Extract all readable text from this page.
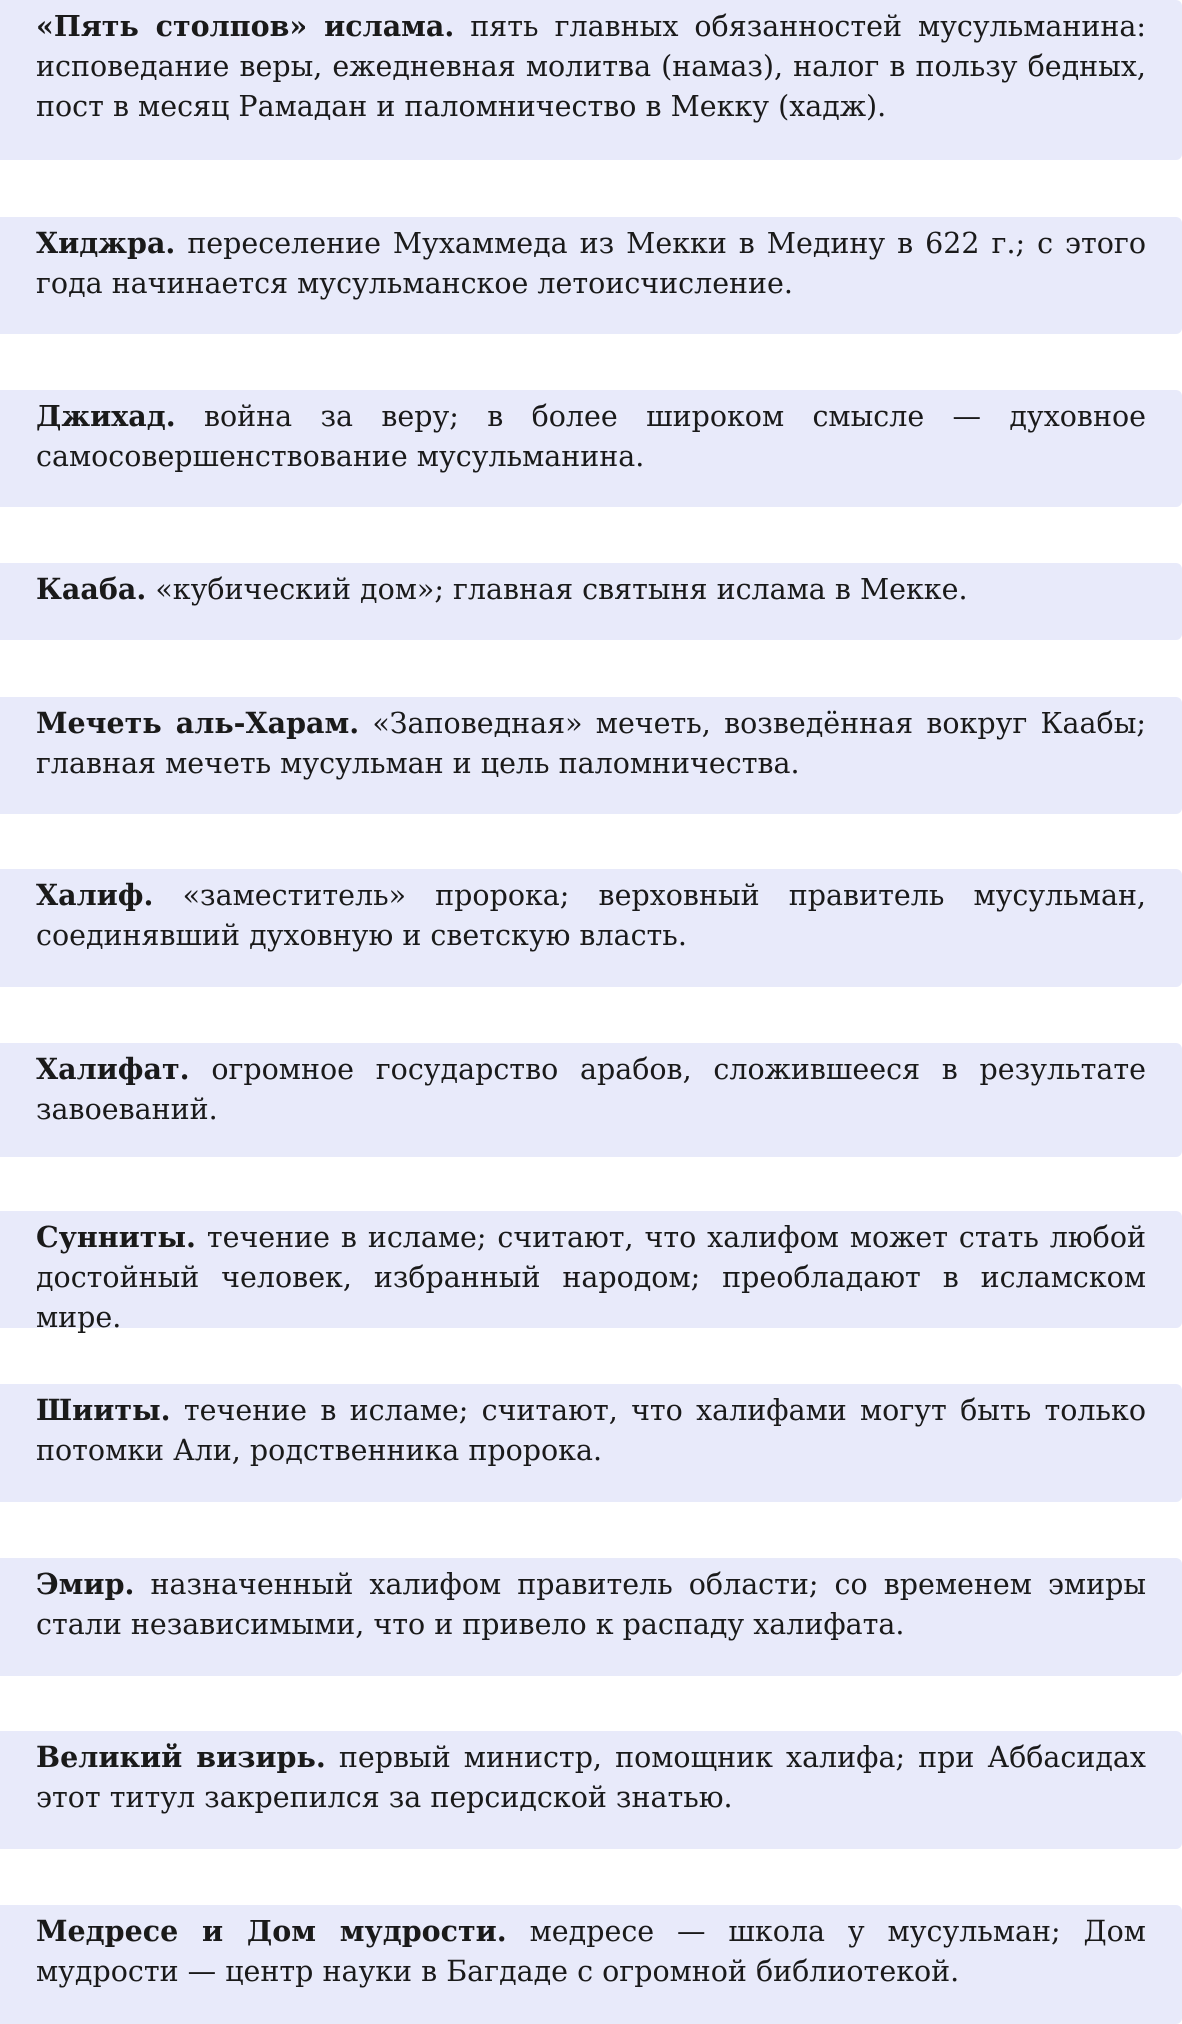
«Пять столпов» ислама. пять главных обязанностей мусульманина: исповедание веры, ежедневная молитва (намаз), налог в пользу бедных, пост в месяц Рамадан и паломничество в Мекку (хадж).

Хиджра. переселение Мухаммеда из Мекки в Медину в 622 г.; с этого года начинается мусульманское летоисчисление.

Джихад. война за веру; в более широком смысле — духовное самосовершенствование мусульманина.

Кааба. «кубический дом»; главная святыня ислама в Мекке.

Мечеть аль-Харам. «Заповедная» мечеть, возведённая вокруг Каабы; главная мечеть мусульман и цель паломничества.

Халиф. «заместитель» пророка; верховный правитель мусульман, соединявший духовную и светскую власть.

Халифат. огромное государство арабов, сложившееся в результате завоеваний.

Сунниты. течение в исламе; считают, что халифом может стать любой достойный человек, избранный народом; преобладают в исламском мире.

Шииты. течение в исламе; считают, что халифами могут быть только потомки Али, родственника пророка.

Эмир. назначенный халифом правитель области; со временем эмиры стали независимыми, что и привело к распаду халифата.

Великий визирь. первый министр, помощник халифа; при Аббасидах этот титул закрепился за персидской знатью.

Медресе и Дом мудрости. медресе — школа у мусульман; Дом мудрости — центр науки в Багдаде с огромной библиотекой.
